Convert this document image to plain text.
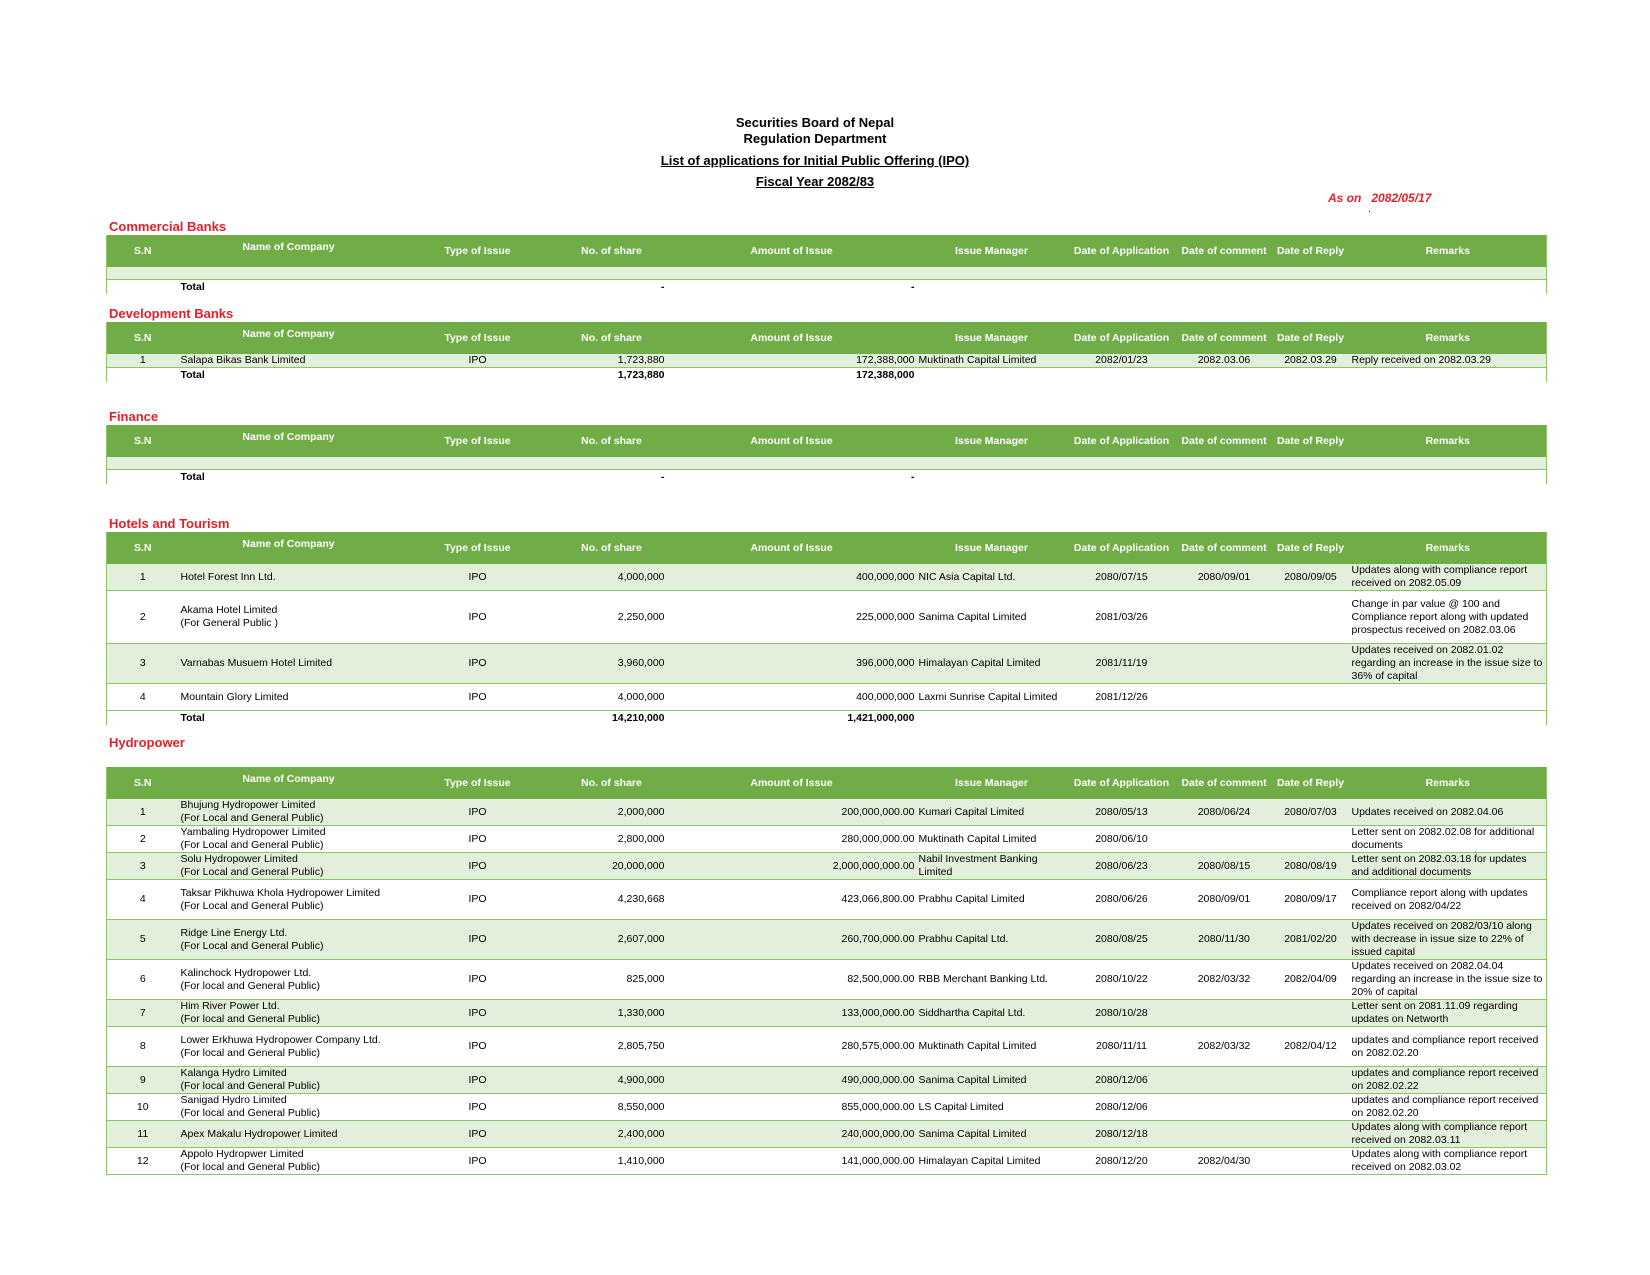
Securities Board of Nepal
Regulation Department
List of applications for Initial Public Offering (IPO)
Fiscal Year 2082/83
As on 2082/05/17
.
Commercial Banks
S.N	Name of Company	Type of Issue	No. of share	Amount of Issue	Issue Manager	Date of Application	Date of comment	Date of Reply	Remarks

	Total		-	-					
Development Banks
S.N	Name of Company	Type of Issue	No. of share	Amount of Issue	Issue Manager	Date of Application	Date of comment	Date of Reply	Remarks
1	Salapa Bikas Bank Limited	IPO	1,723,880	172,388,000	Muktinath Capital Limited	2082/01/23	2082.03.06	2082.03.29	Reply received on 2082.03.29
	Total		1,723,880	172,388,000					
Finance
S.N	Name of Company	Type of Issue	No. of share	Amount of Issue	Issue Manager	Date of Application	Date of comment	Date of Reply	Remarks

	Total		-	-					
Hotels and Tourism
S.N	Name of Company	Type of Issue	No. of share	Amount of Issue	Issue Manager	Date of Application	Date of comment	Date of Reply	Remarks
1	Hotel Forest Inn Ltd.	IPO	4,000,000	400,000,000	NIC Asia Capital Ltd.	2080/07/15	2080/09/01	2080/09/05	Updates along with compliance report received on 2082.05.09
2	Akama Hotel Limited
(For General Public )	IPO	2,250,000	225,000,000	Sanima Capital Limited	2081/03/26			Change in par value @ 100 and Compliance report along with updated prospectus received on 2082.03.06
3	Varnabas Musuem Hotel Limited	IPO	3,960,000	396,000,000	Himalayan Capital Limited	2081/11/19			Updates received on 2082.01.02 regarding an increase in the issue size to 36% of capital
4	Mountain Glory Limited	IPO	4,000,000	400,000,000	Laxmi Sunrise Capital Limited	2081/12/26			
	Total		14,210,000	1,421,000,000					
Hydropower
S.N	Name of Company	Type of Issue	No. of share	Amount of Issue	Issue Manager	Date of Application	Date of comment	Date of Reply	Remarks
1	Bhujung Hydropower Limited
(For Local and General Public)	IPO	2,000,000	200,000,000.00	Kumari Capital Limited	2080/05/13	2080/06/24	2080/07/03	Updates received on 2082.04.06
2	Yambaling Hydropower Limited
(For Local and General Public)	IPO	2,800,000	280,000,000.00	Muktinath Capital Limited	2080/06/10			Letter sent on 2082.02.08 for additional documents
3	Solu Hydropower Limited
(For Local and General Public)	IPO	20,000,000	2,000,000,000.00	Nabil Investment Banking Limited	2080/06/23	2080/08/15	2080/08/19	Letter sent on 2082.03.18 for updates and additional documents
4	Taksar Pikhuwa Khola Hydropower Limited (For Local and General Public)	IPO	4,230,668	423,066,800.00	Prabhu Capital Limited	2080/06/26	2080/09/01	2080/09/17	Compliance report along with updates received on 2082/04/22
5	Ridge Line Energy Ltd.
(For Local and General Public)	IPO	2,607,000	260,700,000.00	Prabhu Capital Ltd.	2080/08/25	2080/11/30	2081/02/20	Updates received on 2082/03/10 along with decrease in issue size to 22% of issued capital
6	Kalinchock Hydropower Ltd.
(For local and General Public)	IPO	825,000	82,500,000.00	RBB Merchant Banking Ltd.	2080/10/22	2082/03/32	2082/04/09	Updates received on 2082.04.04 regarding an increase in the issue size to 20% of capital
7	Him River Power Ltd.
(For local and General Public)	IPO	1,330,000	133,000,000.00	Siddhartha Capital Ltd.	2080/10/28			Letter sent on 2081.11.09 regarding updates on Networth
8	Lower Erkhuwa Hydropower Company Ltd.
(For local and General Public)	IPO	2,805,750	280,575,000.00	Muktinath Capital Limited	2080/11/11	2082/03/32	2082/04/12	updates and compliance report received on 2082.02.20
9	Kalanga Hydro Limited
(For local and General Public)	IPO	4,900,000	490,000,000.00	Sanima Capital Limited	2080/12/06			updates and compliance report received on 2082.02.22
10	Sanigad Hydro Limited
(For local and General Public)	IPO	8,550,000	855,000,000.00	LS Capital Limited	2080/12/06			updates and compliance report received on 2082.02.20
11	Apex Makalu Hydropower Limited	IPO	2,400,000	240,000,000.00	Sanima Capital Limited	2080/12/18			Updates along with compliance report received on 2082.03.11
12	Appolo Hydropwer Limited
(For local and General Public)	IPO	1,410,000	141,000,000.00	Himalayan Capital Limited	2080/12/20	2082/04/30		Updates along with compliance report received on 2082.03.02
